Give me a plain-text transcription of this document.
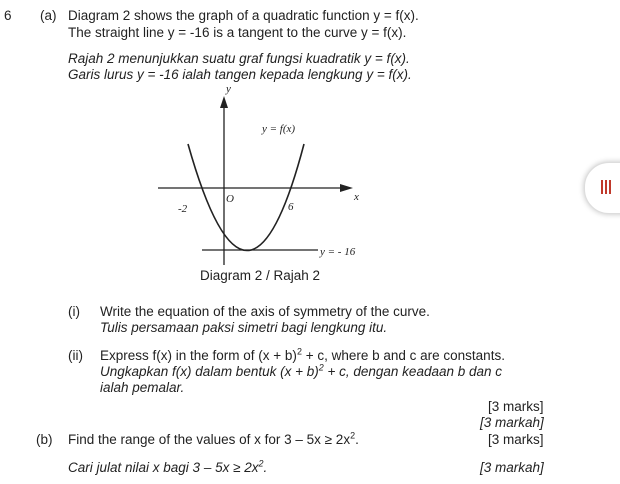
6 (a) Diagram 2 shows the graph of a quadratic function y = f(x).
The straight line y = -16 is a tangent to the curve y = f(x).
Rajah 2 menunjukkan suatu graf fungsi kuadratik y = f(x).
Garis lurus y = -16 ialah tangen kepada lengkung y = f(x).
y
x
y = - 16
y = f(x)
O
-2	6
Diagram 2 / Rajah 2
(i) Write the equation of the axis of symmetry of the curve.
Tulis persamaan paksi simetri bagi lengkung itu.
(ii) Express f(x) in the form of $(x + b)^2 + c$, where b and c are constants.
Ungkapkan f(x) dalam bentuk $(x + b)^2 + c$, dengan keadaan b dan c
ialah pemalar.
[3 marks]
[3 markah]
(b) Find the range of the values of x for $3 - 5x \ge 2x^2$.	[3 marks]
Cari julat nilai x bagi $3 - 5x \ge 2x^2$.	[3 markah]
